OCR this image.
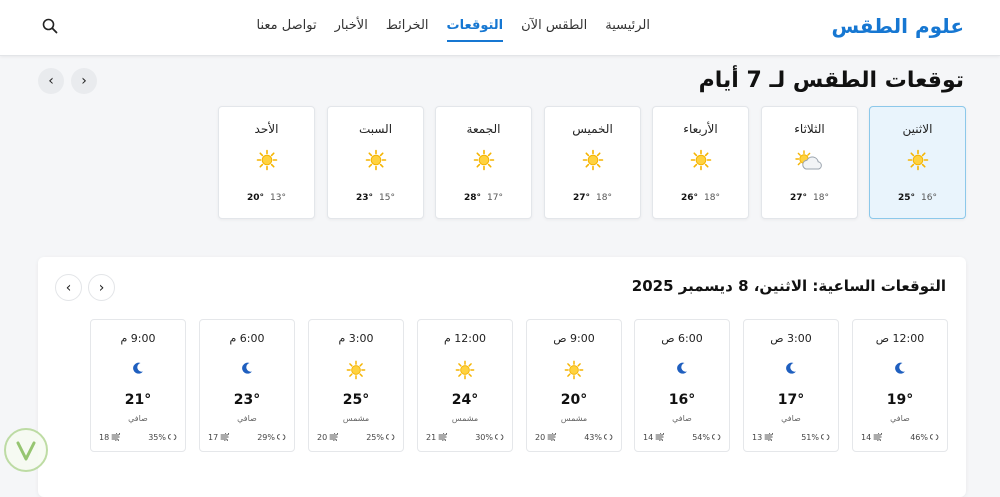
علوم الطقس
الرئيسية
الطقس الآن
التوقعات
الخرائط
الأخبار
تواصل معنا
توقعات الطقس لـ 7 أيام
‹ ›
الاثنين
25° 16°
الثلاثاء
27° 18°
الأربعاء
26° 18°
الخميس
27° 18°
الجمعة
28° 17°
السبت
23° 15°
الأحد
20° 13°
التوقعات الساعية: الاثنين، 8 ديسمبر 2025
‹ ›
12:00 ص
19°
صافي
46%
14
3:00 ص
17°
صافي
51%
13
6:00 ص
16°
صافي
54%
14
9:00 ص
20°
مشمس
43%
20
12:00 م
24°
مشمس
30%
21
3:00 م
25°
مشمس
25%
20
6:00 م
23°
صافي
29%
17
9:00 م
21°
صافي
35%
18
